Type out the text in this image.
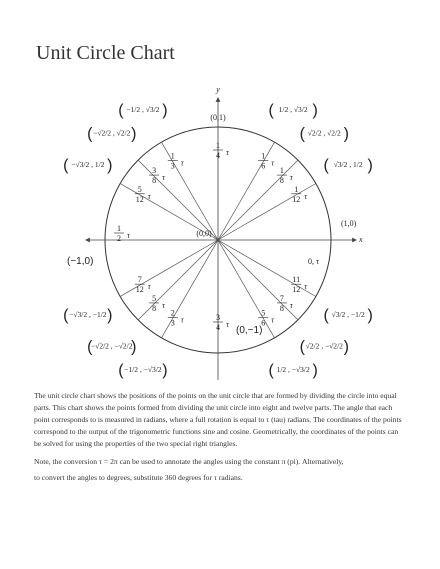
Unit Circle Chart
x
y
1
12 τ
( √3/2 , 1/2 )
1
8 τ
( √2/2 , √2/2 )
1
6 τ
( 1/2 , √3/2 )
1
4 τ
1
3 τ
( −1/2 , √3/2 )
3
8 τ
( −√2/2 , √2/2 )
5
12 τ
( −√3/2 , 1/2 )
1
2 τ
7
12 τ
( −√3/2 , −1/2 )
5
8 τ
(
−√2/2 , −√2/2
)
2
3 τ
( −1/2 , −√3/2 )
3
4 τ
5
6 τ
( 1/2 , −√3/2 )
7
8 τ
( √2/2 , −√2/2 )
11
12 τ
( √3/2 , −1/2 )
(0,1)
(1,0)
(−1,0)
(0,−1)
0, τ
(0,0)

The unit circle chart shows the positions of the points on the unit circle that are formed by dividing the circle into equal parts. This chart shows the points formed from dividing the unit circle into eight and twelve parts. The angle that each point corresponds to is measured in radians, where a full rotation is equal to τ (tau) radians. The coordinates of the points correspond to the output of the trigonometric functions sine and cosine. Geometrically, the coordinates of the points can be solved for using the properties of the two special right triangles.

Note, the conversion τ = 2π can be used to annotate the angles using the constant π (pi). Alternatively,

to convert the angles to degrees, substitute 360 degrees for τ radians.
